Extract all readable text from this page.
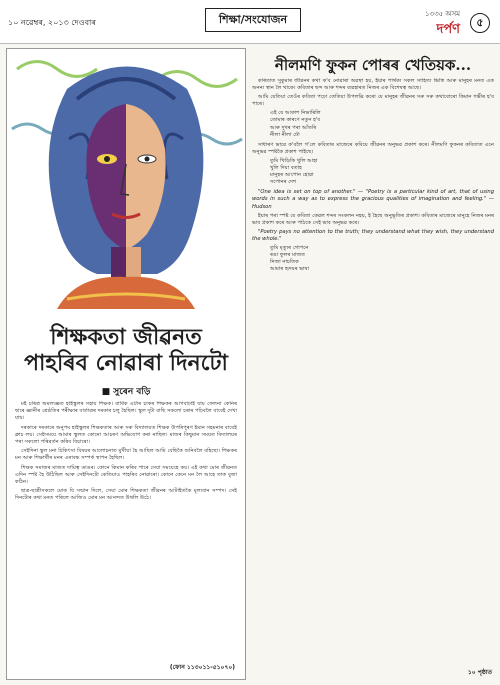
১০ নৱেম্বৰ, ২০১৩ দেওবাৰ	শিক্ষা/সংযোজন	১৩৩৫ অসম
দৰ্পণ	৫
শিক্ষকতা জীৱনত
পাহৰিব নোৱাৰা দিনটো
■ সুৰেন বড়ি

মই চৰিত্ৰ অমল্যজ্ঞত হাইস্কুলৰ সহায় শিক্ষক। বাৰ্ষিক এটাৰ চাকৰ শিক্ষকৰ আগবাঢ়াই যায় ফেলনা কেনিৰ দ্বাৰে জ্ঞানীৰ শ্ৰেষ্ঠতিৰ পৰীক্ষাৰ বাৰ্তাত্ৰৰ দৰকাৰ চলু হৈছিল। স্কুল দুটা বাছি সকলো চৰাৰ পঢ়িবলৈ বাবেই দেখা যায়।

দৰকাৰে দৰকাৰে অনুপম হাইস্কুলৰ শিক্ষকতাৰ আৰু সৰু বিদ্যালয়ত শিক্ষক উপৰিপুৰণ ইমান সহমনাৰ বাবেই ক্লাচ লয়। সেইসময়ে আমাৰ স্কুলত কোনো আচৰণ অভিযোগ কৰা নাছিল। মাজৰ কিছুমান সময়ত বিদ্যালয়ৰ পৰা সকলো পৰিৱৰ্তন কৰিব বিচাৰো।

সেইদিনা স্কুল মনা চিকিৎসা বিষয়ৰ আলোচনাত মুখীয়া হৈ আছিল আমি বেছিকৈ শুনিবলৈ বহিছো। শিক্ষকৰ মন আৰু শিক্ষাৰ্থীৰ মনৰ এৰাবদ্ধ সম্পৰ্ক স্থাপন হৈছিল।

শিক্ষক সমাজৰ মাজত দায়িত্ব ডাঙৰ। কোনে কিমান কৰিব পাৰে সেয়া সময়েহে কয়। এই কথা মোৰ জীৱনত এদিন স্পষ্ট হৈ উঠিছিল আৰু সেইদিনটো কেতিয়াও পাহৰিব নোৱাৰো। কোনে কেনে মন লৈ আহে তাক বুজা কঠিন।

ছাত্ৰ-ছাত্ৰীসকলে মোক যি সন্মান দিলে, সেয়া মোৰ শিক্ষকতা জীৱনৰ আটাইতকৈ মূল্যবান সম্পদ। সেই দিনটোৰ কথা মনত পৰিলে আজিও মোৰ মন আনন্দত উথলি উঠে।

(ফোন ১১৩০১১-৫১০৭০)
নীলমণি ফুকন পোৰৰ খেতিয়ক...

কৰিতাত সুকুমাৰ জীৱনৰ কথা ক'ব নোৱাৰা অৱস্থা হয়, ইয়াৰ পাৰ্থক্য সকল সাহিত্য ভিত্তি আৰু মানুহৰ মনত এক অনন্য স্থান লৈ থাকে। কবিতাৰ ছন্দ আৰু শব্দৰ ব্যৱহাৰত নিজৰ এক বিশেষত্ব আছে।

আমি যেতিয়া তেওঁৰ কবিতা পঢ়ো তেতিয়া উপলব্ধি কৰো যে মানুহৰ জীৱনৰ সৰু সৰু কথাবোৰো কিমান গভীৰ হ'ব পাৰে।

এই যে আকাশ নিভাৰিলি
তোমাৰ কাৰণে নতুন হ'ব
আৰু দুখৰ পৰা আঁতৰি
নীলা নীলা ঢৌ

সাধাৰণ ভাৱে ক'বলৈ গ'লে কবিতাৰ মাজেৰে কবিয়ে জীৱনৰ অনুভৱ প্ৰকাশ কৰে। নীলমণি ফুকনৰ কবিতাত এনে অনুভৱ স্পষ্টকৈ প্ৰকাশ পাইছে।

তুমি খিড়িকি খুলি আহা
খুলি দিয়া বতাহ
মানুহৰ আপোন হোৱা
সপোনৰ দেশ

"One idea is set on top of another." — "Poetry is a particular kind of art, that of using words in such a way as to express the gracious qualities of imagination and feeling." — Hudson

ইয়াৰ পৰা স্পষ্ট যে কবিতা কেৱল শব্দৰ সংকলন নহয়, ই হৈছে অনুভূতিৰ প্ৰকাশ। কবিতাৰ মাজেৰে মানুহে নিজৰ মনৰ ভাব প্ৰকাশ কৰে আৰু পাঠকে সেই ভাব অনুভৱ কৰে।

"Poetry pays no attention to the truth; they understand what they wish, they understand the whole."

তুমি মৃত্যুৰ গোপনে
ৰঙা ফুলৰ মাজত
নিজা নাচতিক
আমাৰ হৃদয়ৰ ভাষা
১০ পৃষ্ঠাত
